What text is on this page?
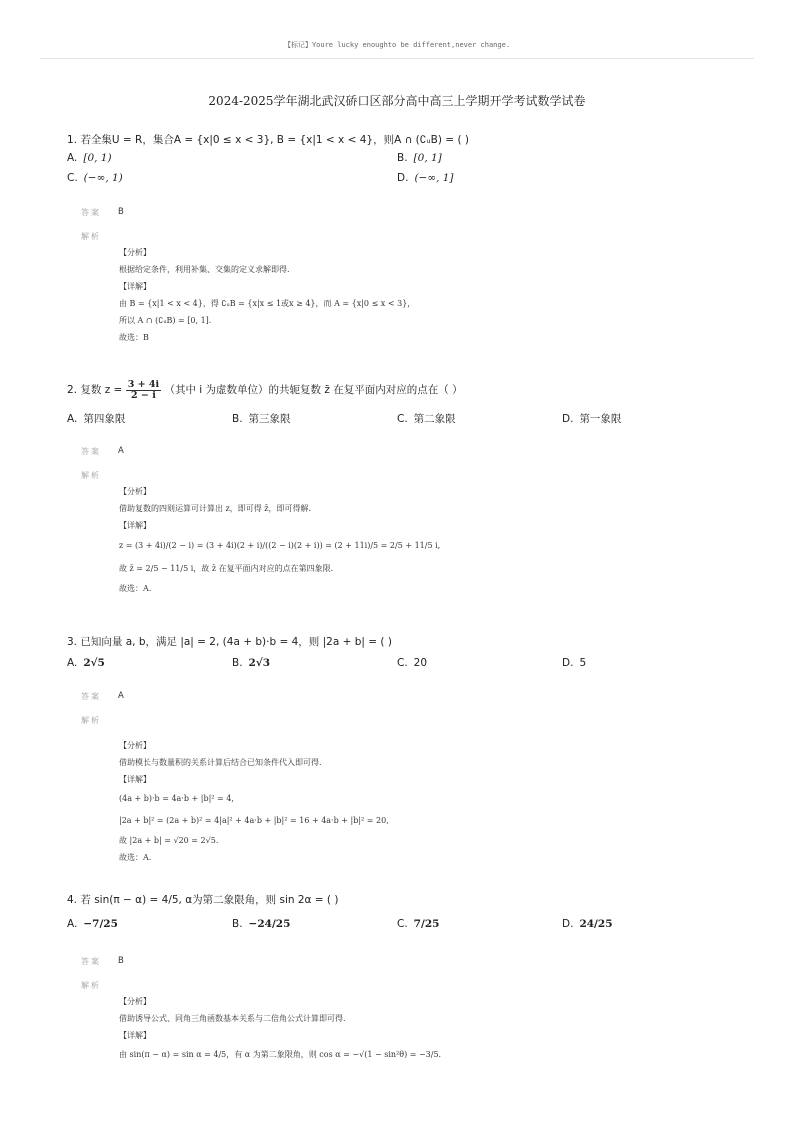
【标记】Youre lucky enoughto be different,never change.
2024-2025学年湖北武汉硚口区部分高中高三上学期开学考试数学试卷
1. 若全集U = R，集合A = {x|0 ≤ x < 3}, B = {x|1 < x < 4}，则A ∩ (∁ᵤB) = ( )
A. [0, 1)	B. [0, 1]
C. (−∞, 1)	D. (−∞, 1]
答案 B
解析
【分析】
根据给定条件，利用补集、交集的定义求解即得.
【详解】
由 B = {x|1 < x < 4}，得 ∁ᵤB = {x|x ≤ 1或x ≥ 4}，而 A = {x|0 ≤ x < 3}，
所以 A ∩ (∁ᵤB) = [0, 1].
故选：B
2. 复数 $z = \frac{3 + 4i}{2 - i}$ （其中 i 为虚数单位）的共轭复数 z̄ 在复平面内对应的点在（ ）
A. 第四象限	B. 第三象限	C. 第二象限	D. 第一象限
答案 A
解析
【分析】
借助复数的四则运算可计算出 z，即可得 z̄，即可得解.
【详解】
z = (3 + 4i)/(2 − i) = (3 + 4i)(2 + i)/((2 − i)(2 + i)) = (2 + 11i)/5 = 2/5 + 11/5 i,
故 z̄ = 2/5 − 11/5 i，故 z̄ 在复平面内对应的点在第四象限.
故选：A.
3. 已知向量 a, b，满足 |a| = 2, (4a + b)·b = 4，则 |2a + b| = ( )
A. 2√5	B. 2√3	C. 20	D. 5
答案 A
解析
【分析】
借助模长与数量积的关系计算后结合已知条件代入即可得.
【详解】
(4a + b)·b = 4a·b + |b|² = 4,
|2a + b|² = (2a + b)² = 4|a|² + 4a·b + |b|² = 16 + 4a·b + |b|² = 20,
故 |2a + b| = √20 = 2√5.
故选：A.
4. 若 sin(π − α) = 4/5, α为第二象限角，则 sin 2α = ( )
A. −7/25	B. −24/25	C. 7/25	D. 24/25
答案 B
解析
【分析】
借助诱导公式、同角三角函数基本关系与二倍角公式计算即可得.
【详解】
由 sin(π − α) = sin α = 4/5，有 α 为第二象限角，则 cos α = −√(1 − sin²θ) = −3/5.
